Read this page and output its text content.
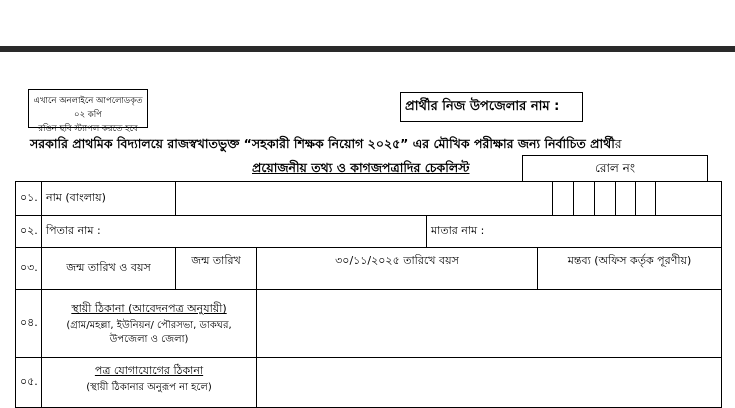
এখানে অনলাইনে আপলোডকৃত ০২ কপি
রঙিন ছবি স্ট্যাপল করতে হবে
প্রার্থীর নিজ উপজেলার নাম :
সরকারি প্রাথমিক বিদ্যালয়ে রাজস্বখাতভুক্ত “সহকারী শিক্ষক নিয়োগ ২০২৫” এর মৌখিক পরীক্ষার জন্য নির্বাচিত প্রার্থীর
প্রয়োজনীয় তথ্য ও কাগজপত্রাদির চেকলিস্ট	রোল নং
০১.	নাম (বাংলায়)										
০২.	পিতার নাম :			মাতার নাম :							
০৩.	জন্ম তারিখ ও বয়স	জন্ম তারিখ	৩০/১১/২০২৫ তারিখে বয়স		মন্তব্য (অফিস কর্তৃক পূরণীয়)						
০৪.	স্থায়ী ঠিকানা (আবেদনপত্র অনুযায়ী)
(গ্রাম/মহল্লা, ইউনিয়ন/ পৌরসভা, ডাকঘর, উপজেলা ও জেলা)										

০৫.	পত্র যোগাযোগের ঠিকানা
(স্থায়ী ঠিকানার অনুরূপ না হলে)										
